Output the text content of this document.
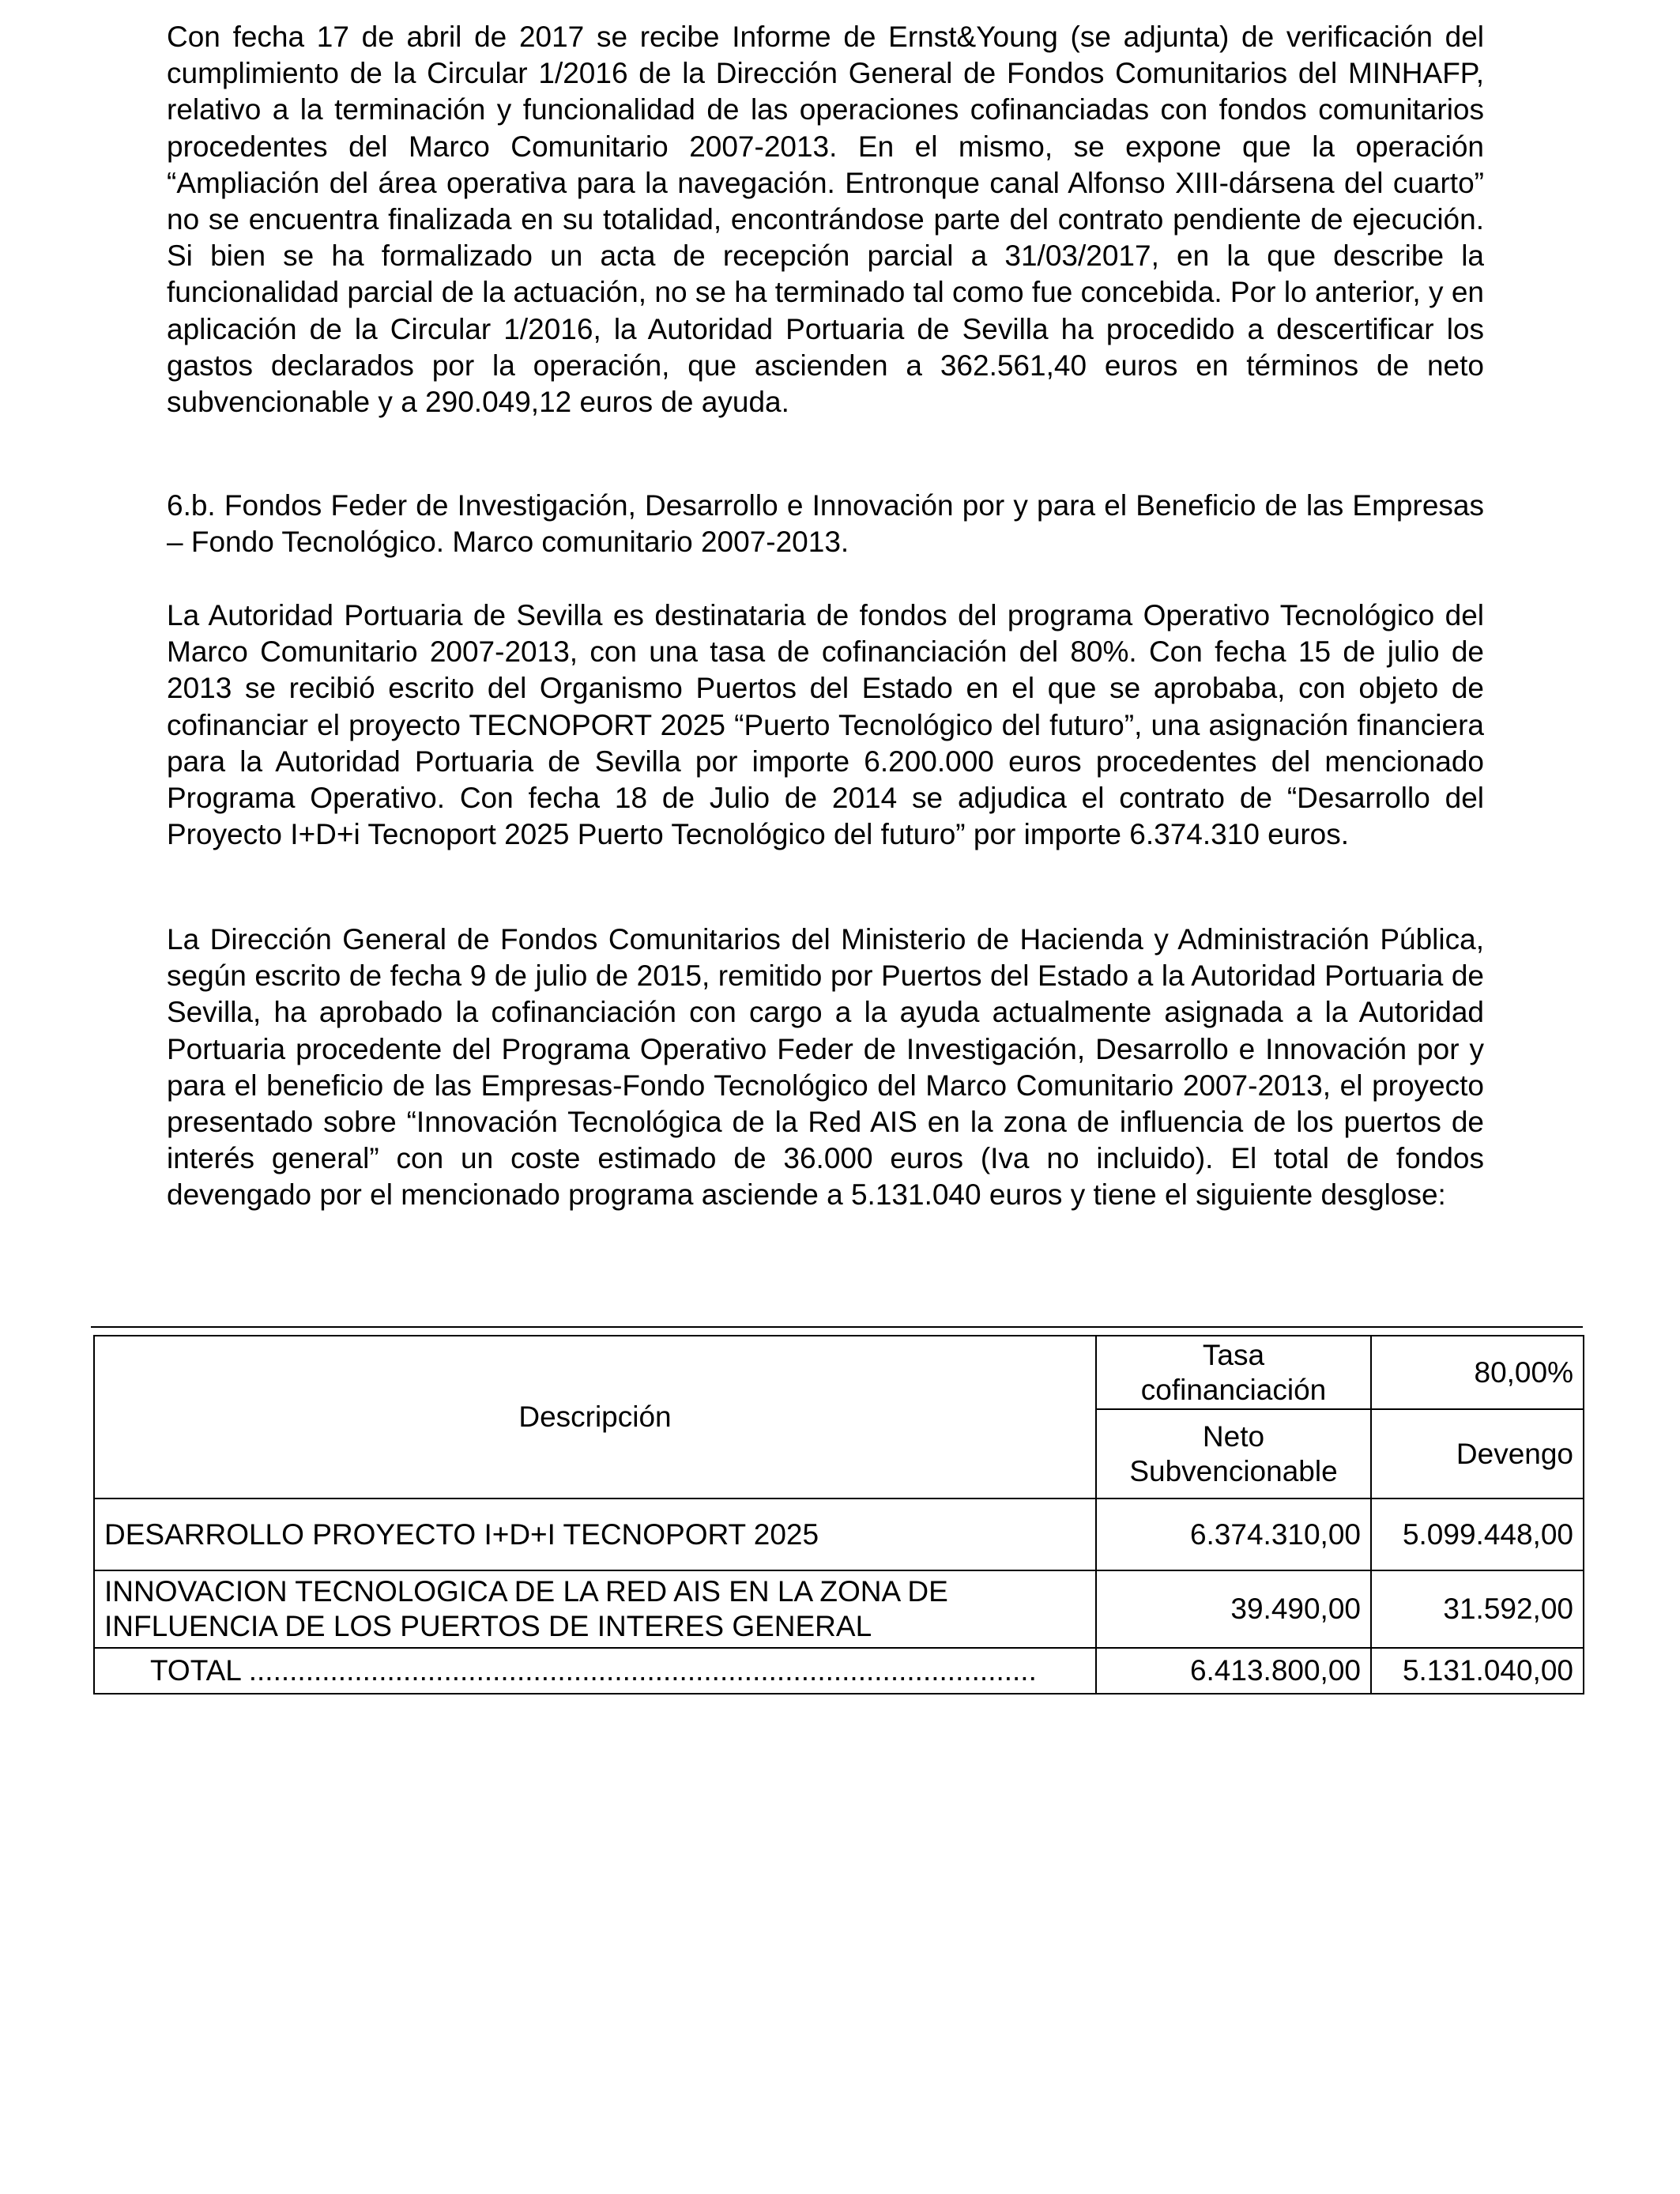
Con fecha 17 de abril de 2017 se recibe Informe de Ernst&Young (se adjunta) de verificación del cumplimiento de la Circular 1/2016 de la Dirección General de Fondos Comunitarios del MINHAFP, relativo a la terminación y funcionalidad de las operaciones cofinanciadas con fondos comunitarios procedentes del Marco Comunitario 2007-2013. En el mismo, se expone que la operación “Ampliación del área operativa para la navegación. Entronque canal Alfonso XIII-dársena del cuarto” no se encuentra finalizada en su totalidad, encontrándose parte del contrato pendiente de ejecución. Si bien se ha formalizado un acta de recepción parcial a 31/03/2017, en la que describe la funcionalidad parcial de la actuación, no se ha terminado tal como fue concebida. Por lo anterior, y en aplicación de la Circular 1/2016, la Autoridad Portuaria de Sevilla ha procedido a descertificar los gastos declarados por la operación, que ascienden a 362.561,40 euros en términos de neto subvencionable y a 290.049,12 euros de ayuda.

6.b. Fondos Feder de Investigación, Desarrollo e Innovación por y para el Beneficio de las Empresas – Fondo Tecnológico. Marco comunitario 2007-2013.

La Autoridad Portuaria de Sevilla es destinataria de fondos del programa Operativo Tecnológico del Marco Comunitario 2007-2013, con una tasa de cofinanciación del 80%. Con fecha 15 de julio de 2013 se recibió escrito del Organismo Puertos del Estado en el que se aprobaba, con objeto de cofinanciar el proyecto TECNOPORT 2025 “Puerto Tecnológico del futuro”, una asignación financiera para la Autoridad Portuaria de Sevilla por importe 6.200.000 euros procedentes del mencionado Programa Operativo. Con fecha 18 de Julio de 2014 se adjudica el contrato de “Desarrollo del Proyecto I+D+i Tecnoport 2025 Puerto Tecnológico del futuro” por importe 6.374.310 euros.

La Dirección General de Fondos Comunitarios del Ministerio de Hacienda y Administración Pública, según escrito de fecha 9 de julio de 2015, remitido por Puertos del Estado a la Autoridad Portuaria de Sevilla, ha aprobado la cofinanciación con cargo a la ayuda actualmente asignada a la Autoridad Portuaria procedente del Programa Operativo Feder de Investigación, Desarrollo e Innovación por y para el beneficio de las Empresas-Fondo Tecnológico del Marco Comunitario 2007-2013, el proyecto presentado sobre “Innovación Tecnológica de la Red AIS en la zona de influencia de los puertos de interés general” con un coste estimado de 36.000 euros (Iva no incluido). El total de fondos devengado por el mencionado programa asciende a 5.131.040 euros y tiene el siguiente desglose:

Descripción	Tasa cofinanciación	80,00%
	Neto Subvencionable	Devengo
DESARROLLO PROYECTO I+D+I TECNOPORT 2025	6.374.310,00	5.099.448,00
INNOVACION TECNOLOGICA DE LA RED AIS EN LA ZONA DE INFLUENCIA DE LOS PUERTOS DE INTERES GENERAL	39.490,00	31.592,00
TOTAL .................................................................................................	6.413.800,00	5.131.040,00
